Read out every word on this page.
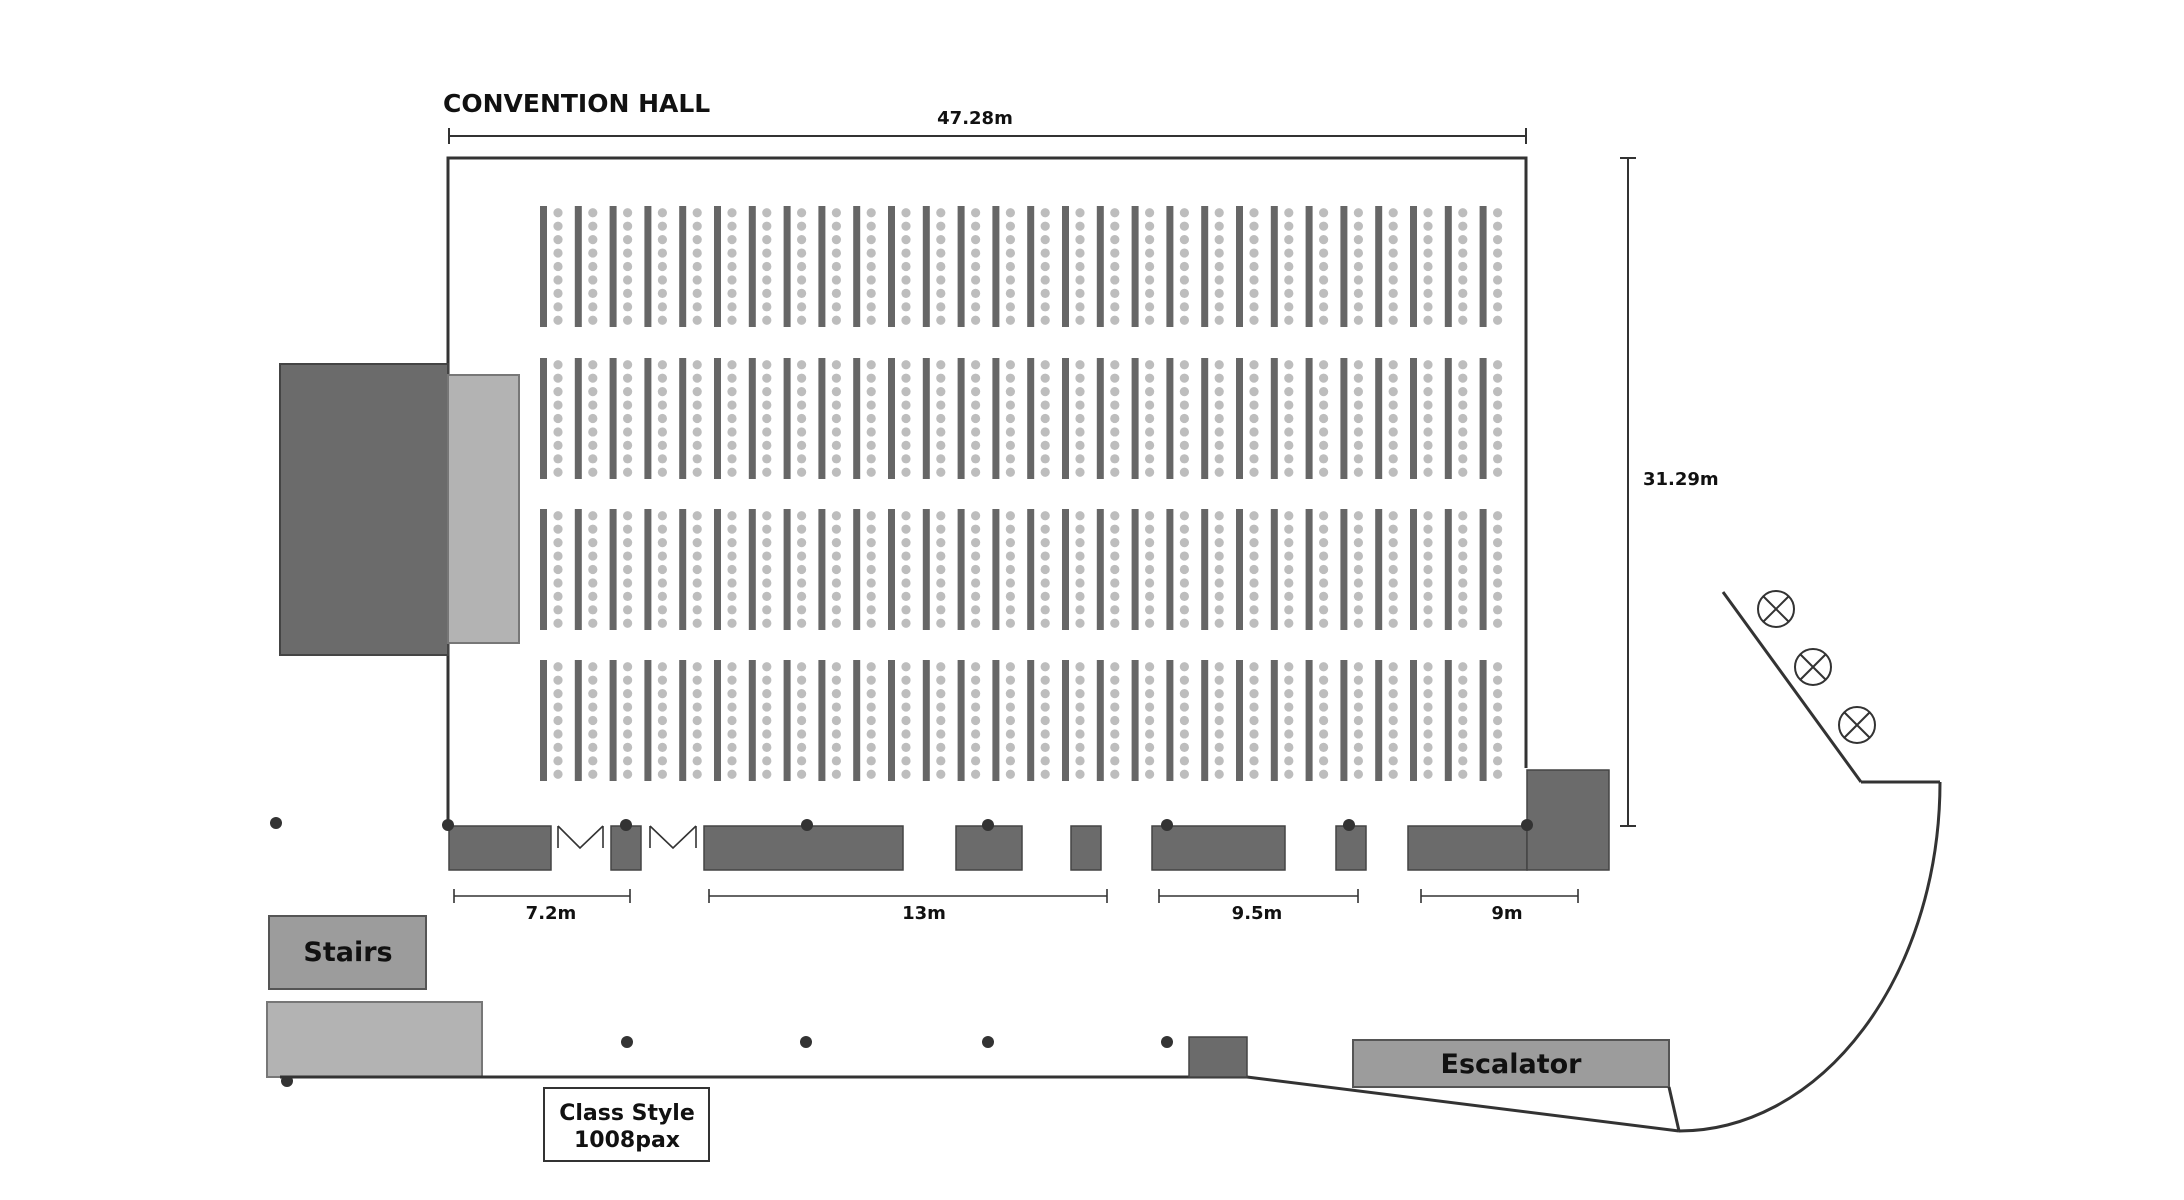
CONVENTION HALL
47.28m
31.29m
7.2m	13m	9.5m	9m
Stairs
Escalator
Class Style
1008pax
